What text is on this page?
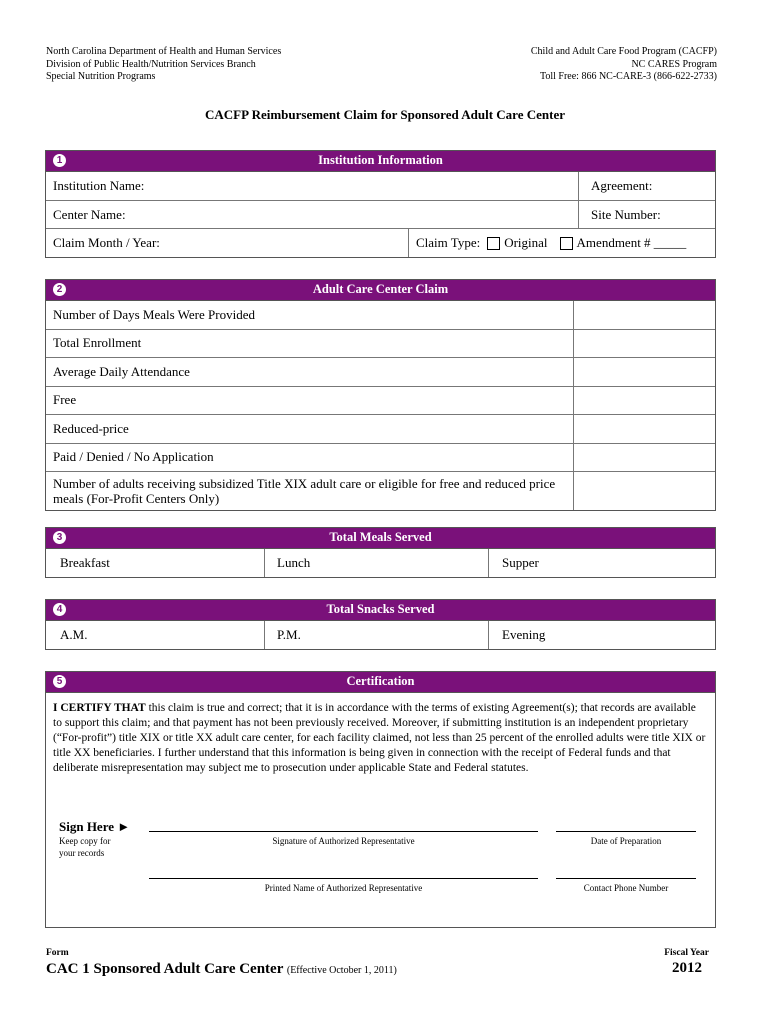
North Carolina Department of Health and Human Services
Division of Public Health/Nutrition Services Branch
Special Nutrition Programs
Child and Adult Care Food Program (CACFP)
NC CARES Program
Toll Free: 866 NC-CARE-3 (866-622-2733)
CACFP Reimbursement Claim for Sponsored Adult Care Center
1	Institution Information
Institution Name:	Agreement:
Center Name:	Site Number:
Claim Month / Year:	Claim Type: Original Amendment # _____
2	Adult Care Center Claim
Number of Days Meals Were Provided
Total Enrollment
Average Daily Attendance
Free
Reduced-price
Paid / Denied / No Application
Number of adults receiving subsidized Title XIX adult care or eligible for free and reduced price meals (For-Profit Centers Only)
3	Total Meals Served
Breakfast	Lunch	Supper
4	Total Snacks Served
A.M.	P.M.	Evening
5	Certification
I CERTIFY THAT this claim is true and correct; that it is in accordance with the terms of existing Agreement(s); that records are available to support this claim; and that payment has not been previously received. Moreover, if submitting institution is an independent proprietary (“For-profit”) title XIX or title XX adult care center, for each facility claimed, not less than 25 percent of the enrolled adults were title XIX or title XX beneficiaries. I further understand that this information is being given in connection with the receipt of Federal funds and that deliberate misrepresentation may subject me to prosecution under applicable State and Federal statutes.
Sign Here ►
Keep copy for your records
Signature of Authorized Representative	Date of Preparation
Printed Name of Authorized Representative	Contact Phone Number
Form
CAC 1 Sponsored Adult Care Center (Effective October 1, 2011)
Fiscal Year
2012
